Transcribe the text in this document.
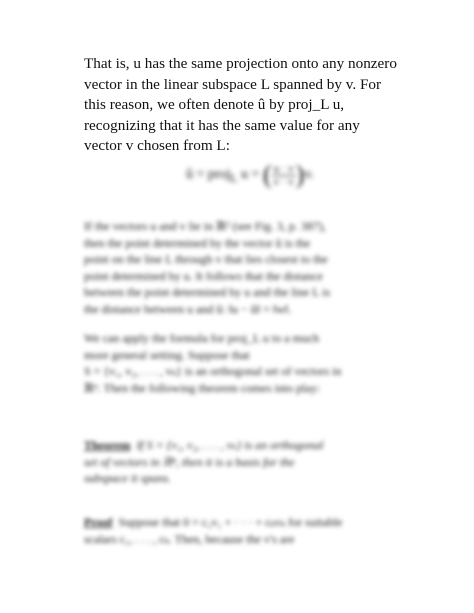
That is, u has the same projection onto any nonzero

vector in the linear subspace L spanned by v. For

this reason, we often denote û by proj_L u,

recognizing that it has the same value for any

vector v chosen from L:

û = proj$_L$ u = ( $\frac{u \cdot v}{v \cdot v} )v$.

If the vectors u and v lie in ℝ² (see Fig. 3, p. 387),

then the point determined by the vector û is the

point on the line L through v that lies closest to the

point determined by u. It follows that the distance

between the point determined by u and the line L is

the distance between u and û: ‖u − û‖ = ‖w‖.

We can apply the formula for proj_L u to a much

more general setting. Suppose that

S = {v₁, v₂, . . . , vₖ} is an orthogonal set of vectors in

ℝⁿ. Then the following theorem comes into play:

Theorem If S = {v₁, v₂, . . . , vₖ} is an orthogonal

set of vectors in ℝⁿ, then it is a basis for the

subspace it spans.

Proof Suppose that 0 = c₁v₁ + · · · + cₖvₖ for suitable

scalars c₁, . . . , cₖ. Then, because the v's are
